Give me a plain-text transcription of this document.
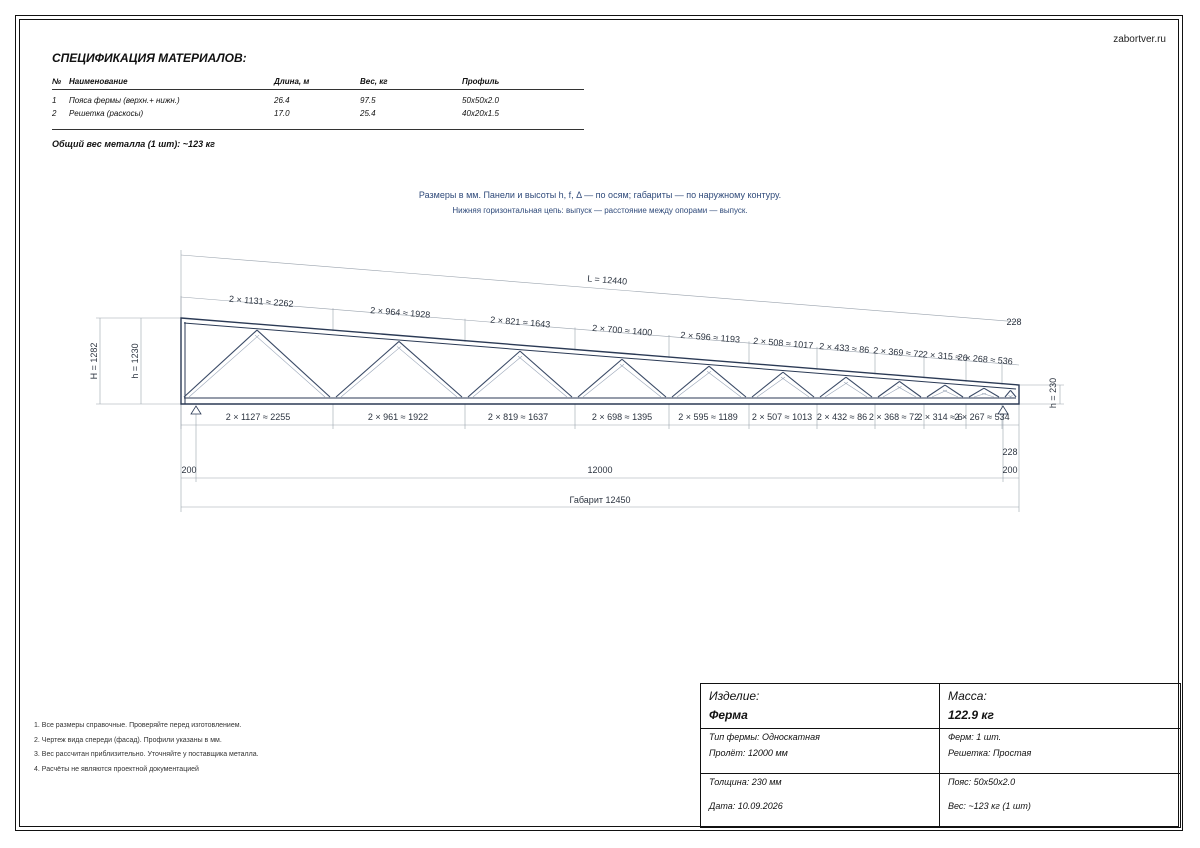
zabortver.ru
СПЕЦИФИКАЦИЯ МАТЕРИАЛОВ:
№ Наименование	Длина, м	Вес, кг	Профиль
1	Пояса фермы (верхн.+ нижн.)	26.4	97.5	50x50x2.0
2	Решетка (раскосы)	17.0	25.4	40x20x1.5
Общий вес металла (1 шт): ~123 кг
Размеры в мм. Панели и высоты h, f, Δ — по осям; габариты — по наружному контуру.
Нижняя горизонтальная цепь: выпуск — расстояние между опорами — выпуск.
L = 12440
2 × 1131 ≈ 2262
2 × 964 ≈ 1928
2 × 821 ≈ 1643
2 × 700 ≈ 1400	2 × 596 ≈ 1193 2 × 508 ≈ 1017 2 × 433 ≈ 86 2 × 369 ≈ 72
2 × 315 ≈ 6
2 × 268 ≈ 536
228
H = 1282	h = 1230
h = 230
2 × 1127 ≈ 2255	2 × 961 ≈ 1922	2 × 819 ≈ 1637	2 × 698 ≈ 1395	2 × 595 ≈ 1189 2 × 507 ≈ 1013 2 × 432 ≈ 86 2 × 368 ≈ 72
2 × 314 ≈ 6
2 × 267 ≈ 534
228
200	12000	200
Габарит 12450
1. Все размеры справочные. Проверяйте перед изготовлением.
2. Чертеж вида спереди (фасад). Профили указаны в мм.
3. Вес рассчитан приблизительно. Уточняйте у поставщика металла.
4. Расчёты не являются проектной документацией
Изделие:
Ферма
Масса:
122.9 кг
Тип фермы: Односкатная
Пролёт: 12000 мм
Ферм: 1 шт.
Решетка: Простая
Толщина: 230 мм	Пояс: 50x50x2.0
Дата: 10.09.2026	Вес: ~123 кг (1 шт)
